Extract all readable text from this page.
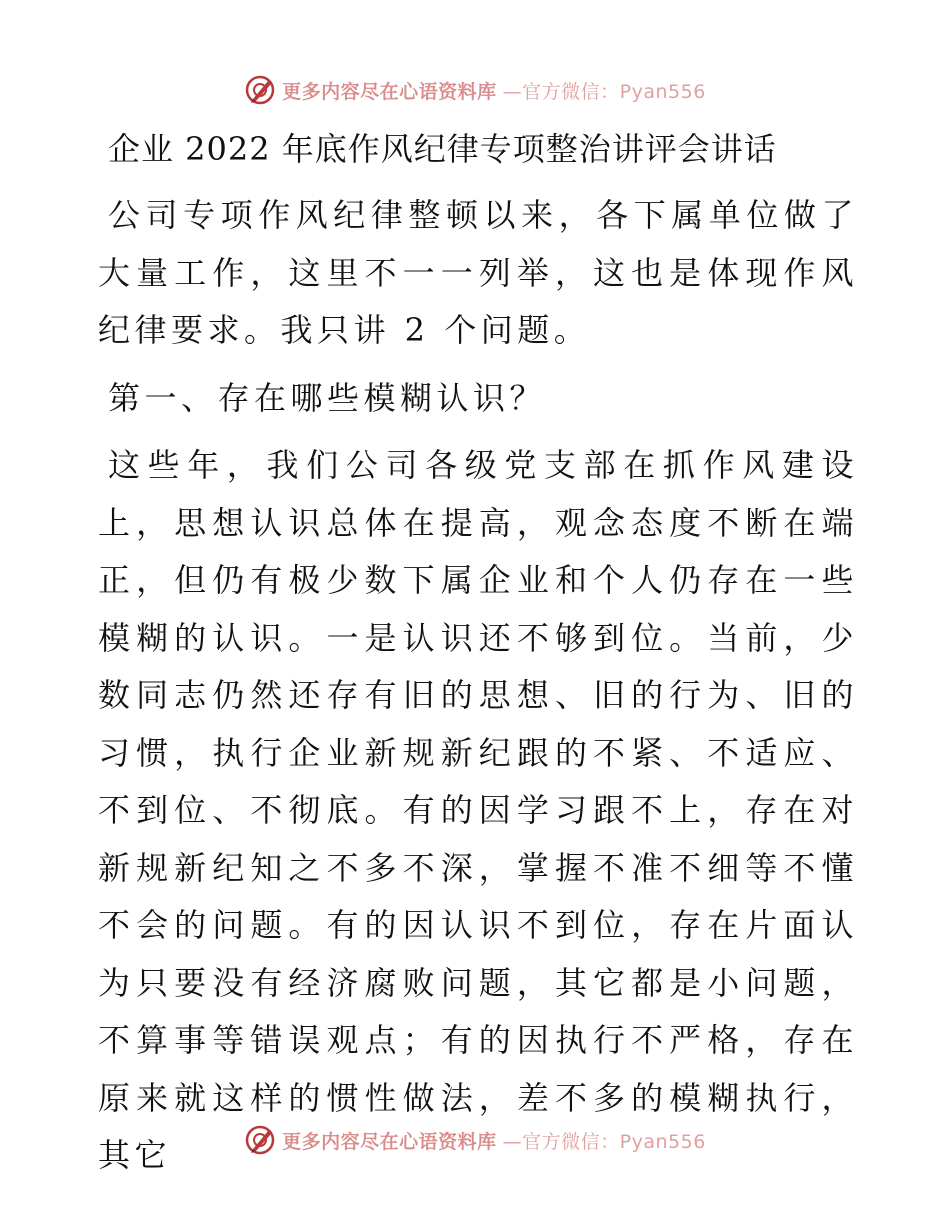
更多内容尽在心语资料库 —官方微信：Pyan556
企业 2022 年底作风纪律专项整治讲评会讲话

公司专项作风纪律整顿以来，各下属单位做了大量工作，这里不一一列举，这也是体现作风纪律要求。我只讲 2 个问题。

第一、存在哪些模糊认识？

这些年，我们公司各级党支部在抓作风建设上，思想认识总体在提高，观念态度不断在端正，但仍有极少数下属企业和个人仍存在一些模糊的认识。一是认识还不够到位。当前，少数同志仍然还存有旧的思想、旧的行为、旧的习惯，执行企业新规新纪跟的不紧、不适应、不到位、不彻底。有的因学习跟不上，存在对新规新纪知之不多不深，掌握不准不细等不懂不会的问题。有的因认识不到位，存在片面认为只要没有经济腐败问题，其它都是小问题，不算事等错误观点；有的因执行不严格，存在原来就这样的惯性做法，差不多的模糊执行，其它	更多内容尽在心语资料库 —官方微信：Pyan556
